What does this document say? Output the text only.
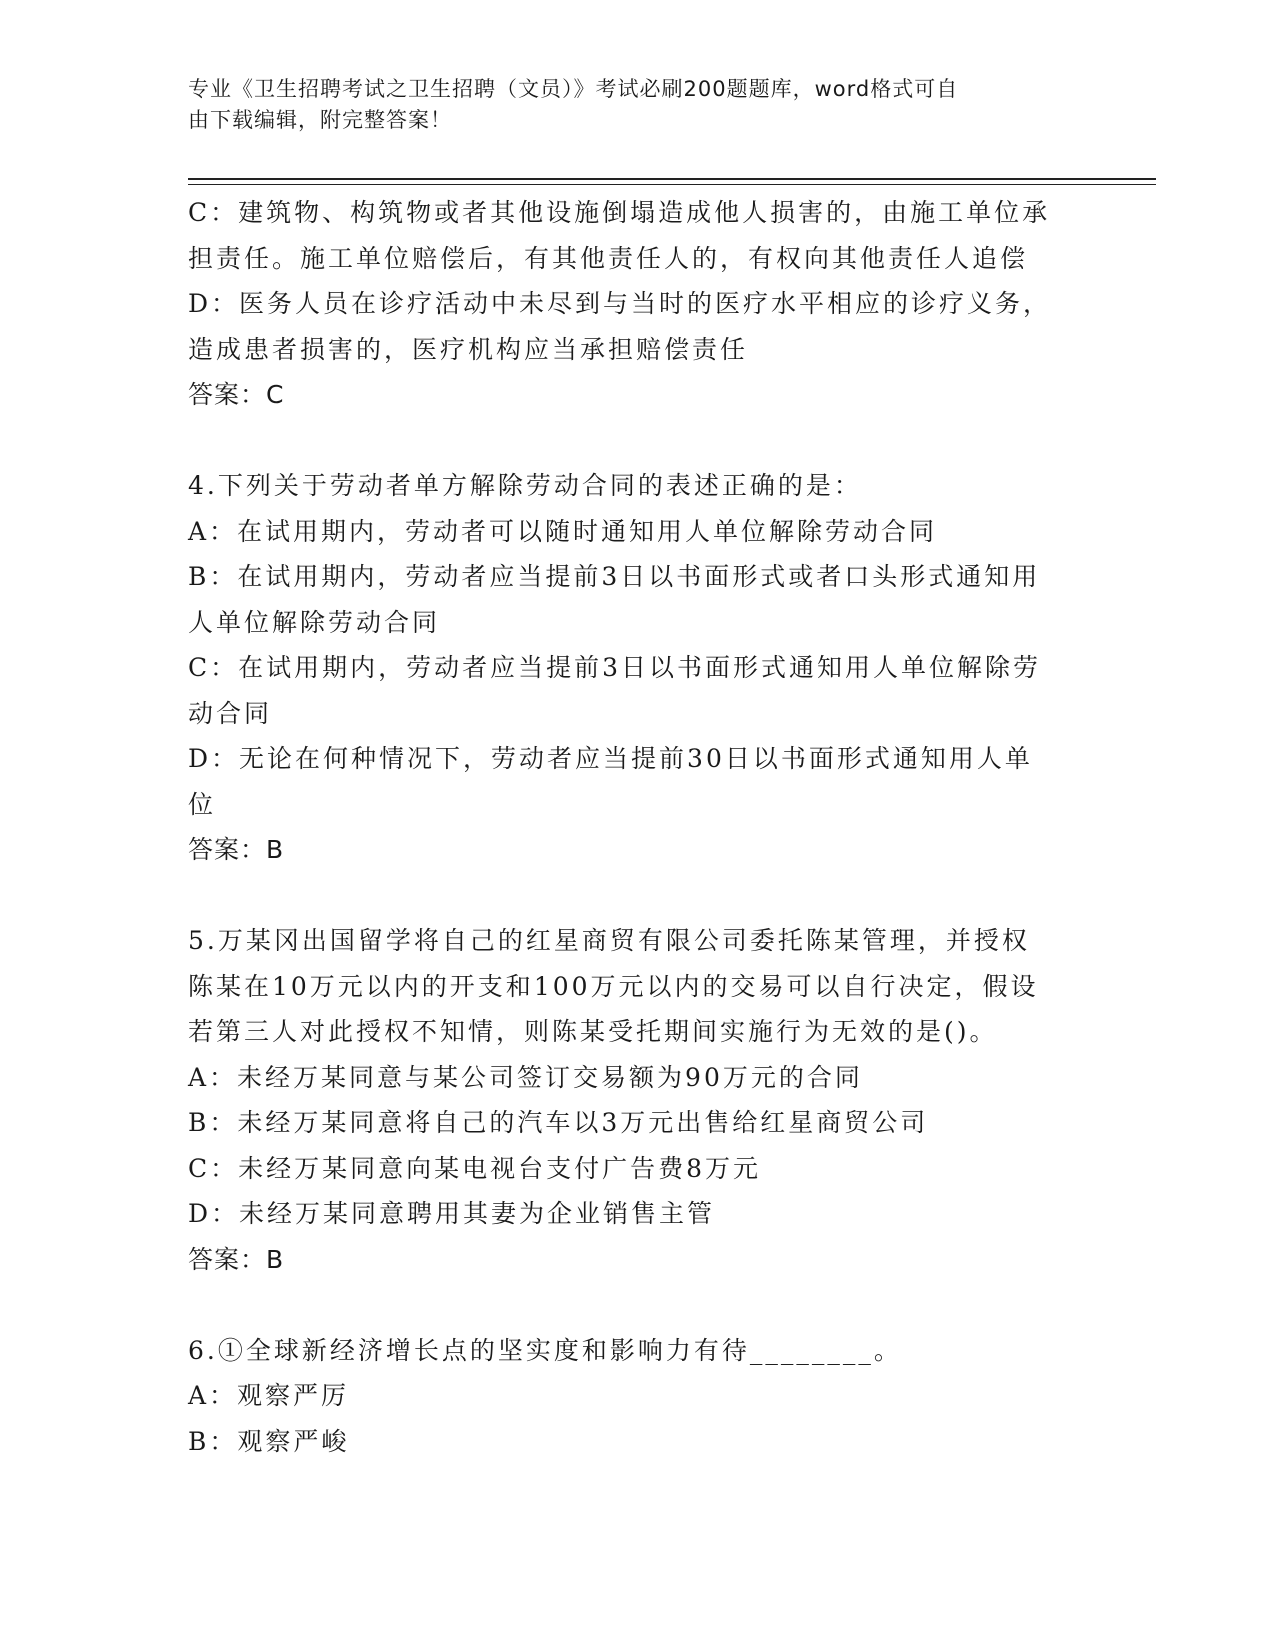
专业《卫生招聘考试之卫生招聘（文员）》考试必刷200题题库，word格式可自
由下载编辑，附完整答案！

C：建筑物、构筑物或者其他设施倒塌造成他人损害的，由施工单位承

担责任。施工单位赔偿后，有其他责任人的，有权向其他责任人追偿

D：医务人员在诊疗活动中未尽到与当时的医疗水平相应的诊疗义务，

造成患者损害的，医疗机构应当承担赔偿责任

答案：C

4.下列关于劳动者单方解除劳动合同的表述正确的是：

A：在试用期内，劳动者可以随时通知用人单位解除劳动合同

B：在试用期内，劳动者应当提前3日以书面形式或者口头形式通知用

人单位解除劳动合同

C：在试用期内，劳动者应当提前3日以书面形式通知用人单位解除劳

动合同

D：无论在何种情况下，劳动者应当提前30日以书面形式通知用人单

位

答案：B

5.万某冈出国留学将自己的红星商贸有限公司委托陈某管理，并授权

陈某在10万元以内的开支和100万元以内的交易可以自行决定，假设

若第三人对此授权不知情，则陈某受托期间实施行为无效的是()。

A：未经万某同意与某公司签订交易额为90万元的合同

B：未经万某同意将自己的汽车以3万元出售给红星商贸公司

C：未经万某同意向某电视台支付广告费8万元

D：未经万某同意聘用其妻为企业销售主管

答案：B

6.①全球新经济增长点的坚实度和影响力有待________。

A：观察严厉

B：观察严峻
